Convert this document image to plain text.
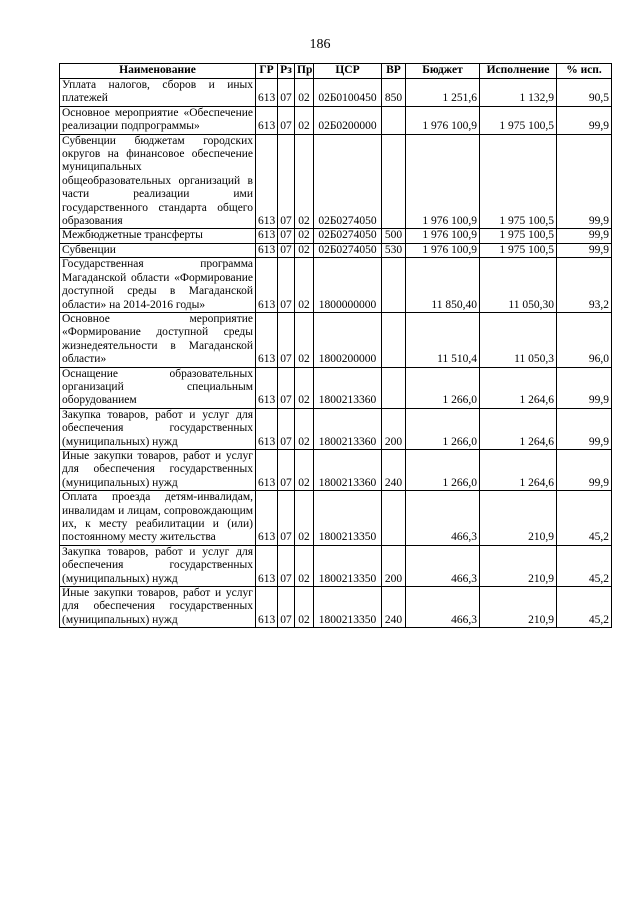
186
Наименование	ГР	Рз	Пр	ЦСР	ВР	Бюджет	Исполнение	% исп.
Уплата налогов, сборов и иных платежей	613	07	02	02Б0100450	850	1 251,6	1 132,9	90,5
Основное мероприятие «Обеспечение реализации подпрограммы»	613	07	02	02Б0200000		1 976 100,9	1 975 100,5	99,9
Субвенции бюджетам городских округов на финансовое обеспечение муниципальных общеобразовательных организаций в части реализации ими государственного стандарта общего образования	613	07	02	02Б0274050		1 976 100,9	1 975 100,5	99,9
Межбюджетные трансферты	613	07	02	02Б0274050	500	1 976 100,9	1 975 100,5	99,9
Субвенции	613	07	02	02Б0274050	530	1 976 100,9	1 975 100,5	99,9
Государственная программа Магаданской области «Формирование доступной среды в Магаданской области» на 2014-2016 годы»	613	07	02	1800000000		11 850,40	11 050,30	93,2
Основное мероприятие «Формирование доступной среды жизнедеятельности в Магаданской области»	613	07	02	1800200000		11 510,4	11 050,3	96,0
Оснащение образовательных организаций специальным оборудованием	613	07	02	1800213360		1 266,0	1 264,6	99,9
Закупка товаров, работ и услуг для обеспечения государственных (муниципальных) нужд	613	07	02	1800213360	200	1 266,0	1 264,6	99,9
Иные закупки товаров, работ и услуг для обеспечения государственных (муниципальных) нужд	613	07	02	1800213360	240	1 266,0	1 264,6	99,9
Оплата проезда детям-инвалидам, инвалидам и лицам, сопровождающим их, к месту реабилитации и (или) постоянному месту жительства	613	07	02	1800213350		466,3	210,9	45,2
Закупка товаров, работ и услуг для обеспечения государственных (муниципальных) нужд	613	07	02	1800213350	200	466,3	210,9	45,2
Иные закупки товаров, работ и услуг для обеспечения государственных (муниципальных) нужд	613	07	02	1800213350	240	466,3	210,9	45,2
